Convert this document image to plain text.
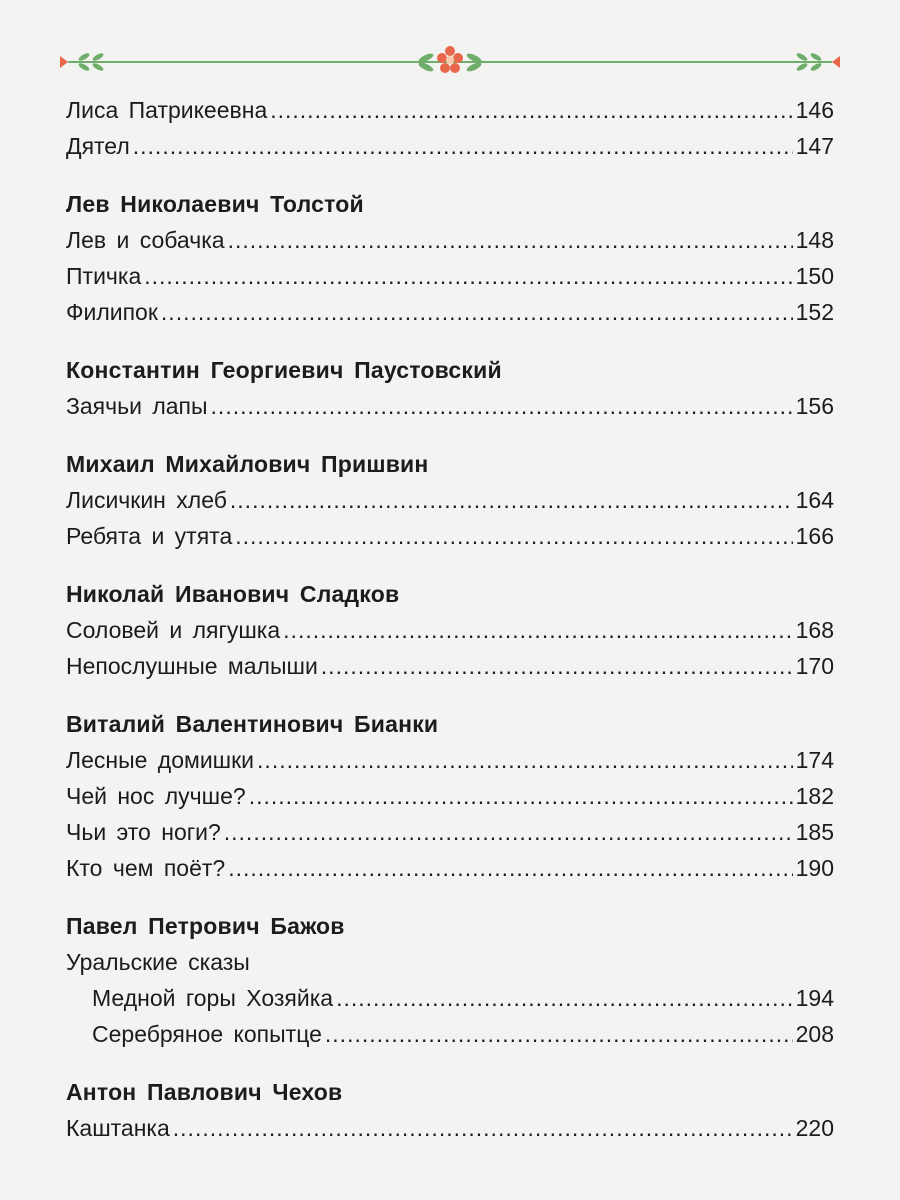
Лиса Патрикеевна .....	146
Дятел .....	147
Лев Николаевич Толстой
Лев и собачка .....	148
Птичка .....	150
Филипок .....	152
Константин Георгиевич Паустовский
Заячьи лапы .....	156
Михаил Михайлович Пришвин
Лисичкин хлеб .....	164
Ребята и утята .....	166
Николай Иванович Сладков
Соловей и лягушка .....	168
Непослушные малыши .....	170
Виталий Валентинович Бианки
Лесные домишки .....	174
Чей нос лучше? .....	182
Чьи это ноги? .....	185
Кто чем поёт? .....	190
Павел Петрович Бажов
Уральские сказы
Медной горы Хозяйка .....	194
Серебряное копытце .....	208
Антон Павлович Чехов
Каштанка .....	220
